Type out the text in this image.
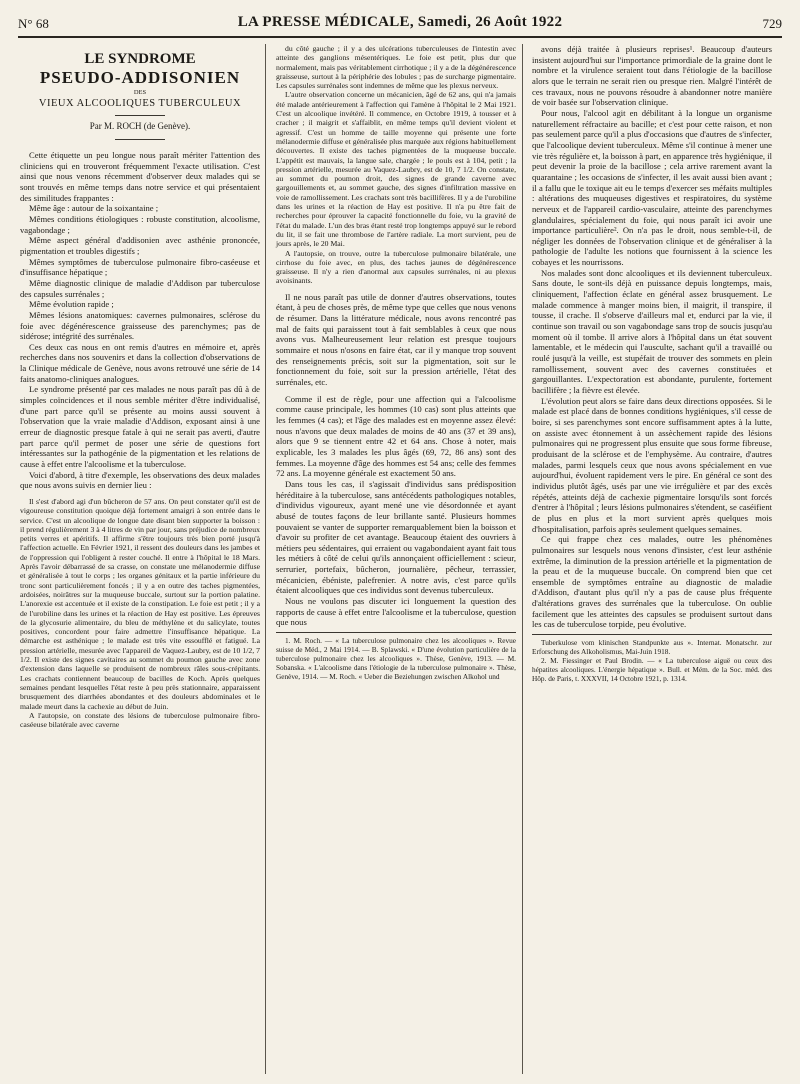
N° 68	LA PRESSE MÉDICALE, Samedi, 26 Août 1922	729
LE SYNDROME
PSEUDO-ADDISONIEN
DES
VIEUX ALCOOLIQUES TUBERCULEUX
Par M. ROCH (de Genève).

Cette étiquette un peu longue nous paraît mériter l'attention des cliniciens qui en trouveront fréquemment l'exacte utilisation. C'est ainsi que nous venons récemment d'observer deux malades qui se sont trouvés en même temps dans notre service et qui présentaient des similitudes frappantes :

Même âge : autour de la soixantaine ;

Mêmes conditions étiologiques : robuste constitution, alcoolisme, vagabondage ;

Même aspect général d'addisonien avec asthénie prononcée, pigmentation et troubles digestifs ;

Mêmes symptômes de tuberculose pulmonaire fibro-caséeuse et d'insuffisance hépatique ;

Même diagnostic clinique de maladie d'Addison par tuberculose des capsules surrénales ;

Même évolution rapide ;

Mêmes lésions anatomiques: cavernes pulmonaires, sclérose du foie avec dégénérescence graisseuse des parenchymes; pas de sidérose; intégrité des surrénales.

Ces deux cas nous en ont remis d'autres en mémoire et, après recherches dans nos souvenirs et dans la collection d'observations de la Clinique médicale de Genève, nous avons retrouvé une série de 14 faits anatomo-cliniques analogues.

Le syndrome présenté par ces malades ne nous paraît pas dû à de simples coïncidences et il nous semble mériter d'être individualisé, d'une part parce qu'il se présente au moins aussi souvent à l'observation que la vraie maladie d'Addison, exposant ainsi à une erreur de diagnostic presque fatale à qui ne serait pas averti, d'autre part parce qu'il permet de poser une série de questions fort intéressantes sur la pathogénie de la pigmentation et les relations de cause à effet entre l'alcoolisme et la tuberculose.

Voici d'abord, à titre d'exemple, les observations des deux malades que nous avons suivis en dernier lieu :

Il s'est d'abord agi d'un bûcheron de 57 ans. On peut constater qu'il est de vigoureuse constitution quoique déjà fortement amaigri à son entrée dans le service. C'est un alcoolique de longue date disant bien supporter la boisson : il prend régulièrement 3 à 4 litres de vin par jour, sans préjudice de nombreux petits verres et apéritifs. Il affirme s'être toujours très bien porté jusqu'à l'affection actuelle. En Février 1921, il ressent des douleurs dans les jambes et de l'oppression qui l'obligent à rester couché. Il entre à l'hôpital le 18 Mars. Après l'avoir débarrassé de sa crasse, on constate une mélanodermie diffuse et généralisée à tout le corps ; les organes génitaux et la partie inférieure du tronc sont particulièrement foncés ; il y a en outre des taches pigmentées, ardoisées, noirâtres sur la muqueuse buccale, surtout sur la portion palatine. L'anorexie est accentuée et il existe de la constipation. Le foie est petit ; il y a de l'urobiline dans les urines et la réaction de Hay est positive. Les épreuves de la glycosurie alimentaire, du bleu de méthylène et du salicylate, toutes positives, concordent pour faire admettre l'insuffisance hépatique. La démarche est asthénique ; le malade est très vite essoufflé et fatigué. La pression artérielle, mesurée avec l'appareil de Vaquez-Laubry, est de 10 1/2, 7 1/2. Il existe des signes cavitaires au sommet du poumon gauche avec zone d'extension dans laquelle se produisent de nombreux râles sous-crépitants. Les crachats contiennent beaucoup de bacilles de Koch. Après quelques semaines pendant lesquelles l'état reste à peu près stationnaire, apparaissent brusquement des diarrhées abondantes et des douleurs abdominales et le malade meurt dans la cachexie au début de Juin.

A l'autopsie, on constate des lésions de tuberculose pulmonaire fibro-caséeuse bilatérale avec caverne

du côté gauche ; il y a des ulcérations tuberculeuses de l'intestin avec atteinte des ganglions mésentériques. Le foie est petit, plus dur que normalement, mais pas véritablement cirrhotique ; il y a de la dégénérescence graisseuse, surtout à la périphérie des lobules ; pas de surcharge pigmentaire. Les capsules surrénales sont indemnes de même que les plexus nerveux.

L'autre observation concerne un mécanicien, âgé de 62 ans, qui n'a jamais été malade antérieurement à l'affection qui l'amène à l'hôpital le 2 Mai 1921. C'est un alcoolique invétéré. Il commence, en Octobre 1919, à tousser et à cracher ; il maigrit et s'affaiblit, en même temps qu'il devient violent et agressif. C'est un homme de taille moyenne qui présente une forte mélanodermie diffuse et généralisée plus marquée aux régions habituellement découvertes. Il existe des taches pigmentées de la muqueuse buccale. L'appétit est mauvais, la langue sale, chargée ; le pouls est à 104, petit ; la pression artérielle, mesurée au Vaquez-Laubry, est de 10, 7 1/2. On constate, au sommet du poumon droit, des signes de grande caverne avec gargouillements et, au sommet gauche, des signes d'infiltration massive en voie de ramollissement. Les crachats sont très bacillifères. Il y a de l'urobiline dans les urines et la réaction de Hay est positive. Il n'a pu être fait de recherches pour éprouver la capacité fonctionnelle du foie, vu la gravité de l'état du malade. L'un des bras étant resté trop longtemps appuyé sur le rebord du lit, il se fait une thrombose de l'artère radiale. La mort survient, peu de jours après, le 20 Mai.

A l'autopsie, on trouve, outre la tuberculose pulmonaire bilatérale, une cirrhose du foie avec, en plus, des taches jaunes de dégénérescence graisseuse. Il n'y a rien d'anormal aux capsules surrénales, ni au plexus avoisinants.

Il ne nous paraît pas utile de donner d'autres observations, toutes étant, à peu de choses près, de même type que celles que nous venons de résumer. Dans la littérature médicale, nous avons rencontré pas mal de faits qui paraissent tout à fait semblables à ceux que nous avons vus. Malheureusement leur relation est presque toujours sommaire et nous n'osons en faire état, car il y manque trop souvent des renseignements précis, soit sur la pigmentation, soit sur le fonctionnement du foie, soit sur la pression artérielle, l'état des surrénales, etc.

Comme il est de règle, pour une affection qui a l'alcoolisme comme cause principale, les hommes (10 cas) sont plus atteints que les femmes (4 cas); et l'âge des malades est en moyenne assez élevé: nous n'avons que deux malades de moins de 40 ans (37 et 39 ans), alors que 9 se tiennent entre 42 et 64 ans. Chose à noter, mais explicable, les 3 malades les plus âgés (69, 72, 86 ans) sont des femmes. La moyenne d'âge des hommes est 54 ans; celle des femmes 72 ans. La moyenne générale est exactement 50 ans.

Dans tous les cas, il s'agissait d'individus sans prédisposition héréditaire à la tuberculose, sans antécédents pathologiques notables, d'individus vigoureux, ayant mené une vie désordonnée et ayant abusé de toutes façons de leur brillante santé. Plusieurs hommes pouvaient se vanter de supporter remarquablement bien la boisson et d'avoir su profiter de cet avantage. Beaucoup étaient des ouvriers à métiers peu sédentaires, qui erraient ou vagabondaient ayant fait tous les métiers à côté de celui qu'ils annonçaient officiellement : scieur, serrurier, portefaix, bûcheron, journalière, pêcheur, terrassier, mécanicien, ébéniste, palefrenier. A notre avis, c'est parce qu'ils étaient alcooliques que ces individus sont devenus tuberculeux.

Nous ne voulons pas discuter ici longuement la question des rapports de cause à effet entre l'alcoolisme et la tuberculose, question que nous

1. M. Roch. — « La tuberculose pulmonaire chez les alcooliques ». Revue suisse de Méd., 2 Mai 1914. — B. Splawski. « D'une évolution particulière de la tuberculose pulmonaire chez les alcooliques ». Thèse, Genève, 1913. — M. Sobanska. « L'alcoolisme dans l'étiologie de la tuberculose pulmonaire ». Thèse, Genève, 1914. — M. Roch. « Ueber die Beziehungen zwischen Alkohol und

avons déjà traitée à plusieurs reprises¹. Beaucoup d'auteurs insistent aujourd'hui sur l'importance primordiale de la graine dont le nombre et la virulence seraient tout dans l'étiologie de la bacillose alors que le terrain ne serait rien ou presque rien. Malgré l'intérêt de ces travaux, nous ne pouvons résoudre à abandonner notre manière de voir basée sur l'observation clinique.

Pour nous, l'alcool agit en débilitant à la longue un organisme naturellement réfractaire au bacille; et c'est pour cette raison, et non pas seulement parce qu'il a plus d'occasions que d'autres de s'infecter, que l'alcoolique devient tuberculeux. Même s'il continue à mener une vie très régulière et, la boisson à part, en apparence très hygiénique, il peut devenir la proie de la bacillose ; cela arrive rarement avant la quarantaine ; les occasions de s'infecter, il les avait aussi bien avant ; il a fallu que le toxique ait eu le temps d'exercer ses méfaits multiples : altérations des muqueuses digestives et respiratoires, du système nerveux et de l'appareil cardio-vasculaire, atteinte des parenchymes glandulaires, spécialement du foie, qui nous paraît ici avoir une importance particulière². On n'a pas le droit, nous semble-t-il, de négliger les données de l'observation clinique et de généraliser à la pathologie de l'adulte les notions que fournissent à la science les cobayes et les nourrissons.

Nos malades sont donc alcooliques et ils deviennent tuberculeux. Sans doute, le sont-ils déjà en puissance depuis longtemps, mais, cliniquement, l'affection éclate en général assez brusquement. Le malade commence à manger moins bien, il maigrit, il transpire, il tousse, il crache. Il s'observe d'ailleurs mal et, endurci par la vie, il continue son travail ou son vagabondage sans trop de soucis jusqu'au moment où il tombe. Il arrive alors à l'hôpital dans un état souvent lamentable, et le médecin qui l'ausculte, sachant qu'il a travaillé ou roulé jusqu'à la veille, est stupéfait de trouver des sommets en plein ramollissement, souvent avec des cavernes constituées et gargouillantes. L'expectoration est abondante, purulente, fortement bacillifère ; la fièvre est élevée.

L'évolution peut alors se faire dans deux directions opposées. Si le malade est placé dans de bonnes conditions hygiéniques, s'il cesse de boire, si ses parenchymes sont encore suffisamment aptes à la lutte, on assiste avec étonnement à un assèchement rapide des lésions pulmonaires qui ne progressent plus ensuite que sous forme fibreuse, produisant de la sclérose et de l'emphysème. Au contraire, d'autres malades, parmi lesquels ceux que nous avons spécialement en vue aujourd'hui, évoluent rapidement vers le pire. En général ce sont des individus plutôt âgés, usés par une vie irrégulière et par des excès répétés, atteints déjà de cachexie pigmentaire lorsqu'ils sont forcés d'entrer à l'hôpital ; leurs lésions pulmonaires s'étendent, se caséifient de plus en plus et la mort survient après quelques mois d'hospitalisation, parfois après seulement quelques semaines.

Ce qui frappe chez ces malades, outre les phénomènes pulmonaires sur lesquels nous venons d'insister, c'est leur asthénie extrême, la diminution de la pression artérielle et la pigmentation de la peau et de la muqueuse buccale. On comprend bien que cet ensemble de symptômes entraîne au diagnostic de maladie d'Addison, d'autant plus qu'il n'y a pas de cause plus fréquente d'altérations graves des surrénales que la tuberculose. On oublie facilement que les atteintes des capsules se produisent surtout dans les cas de tuberculose torpide, peu évolutive.

Tuberkulose vom klinischen Standpunkte aus ». Internat. Monatschr. zur Erforschung des Alkoholismus, Mai-Juin 1918.

2. M. Fiessinger et Paul Brodin. — « La tuberculose aiguë ou ceux des hépatites alcooliques. L'énergie hépatique ». Bull. et Mém. de la Soc. méd. des Hôp. de Paris, t. XXXVII, 14 Octobre 1921, p. 1314.
